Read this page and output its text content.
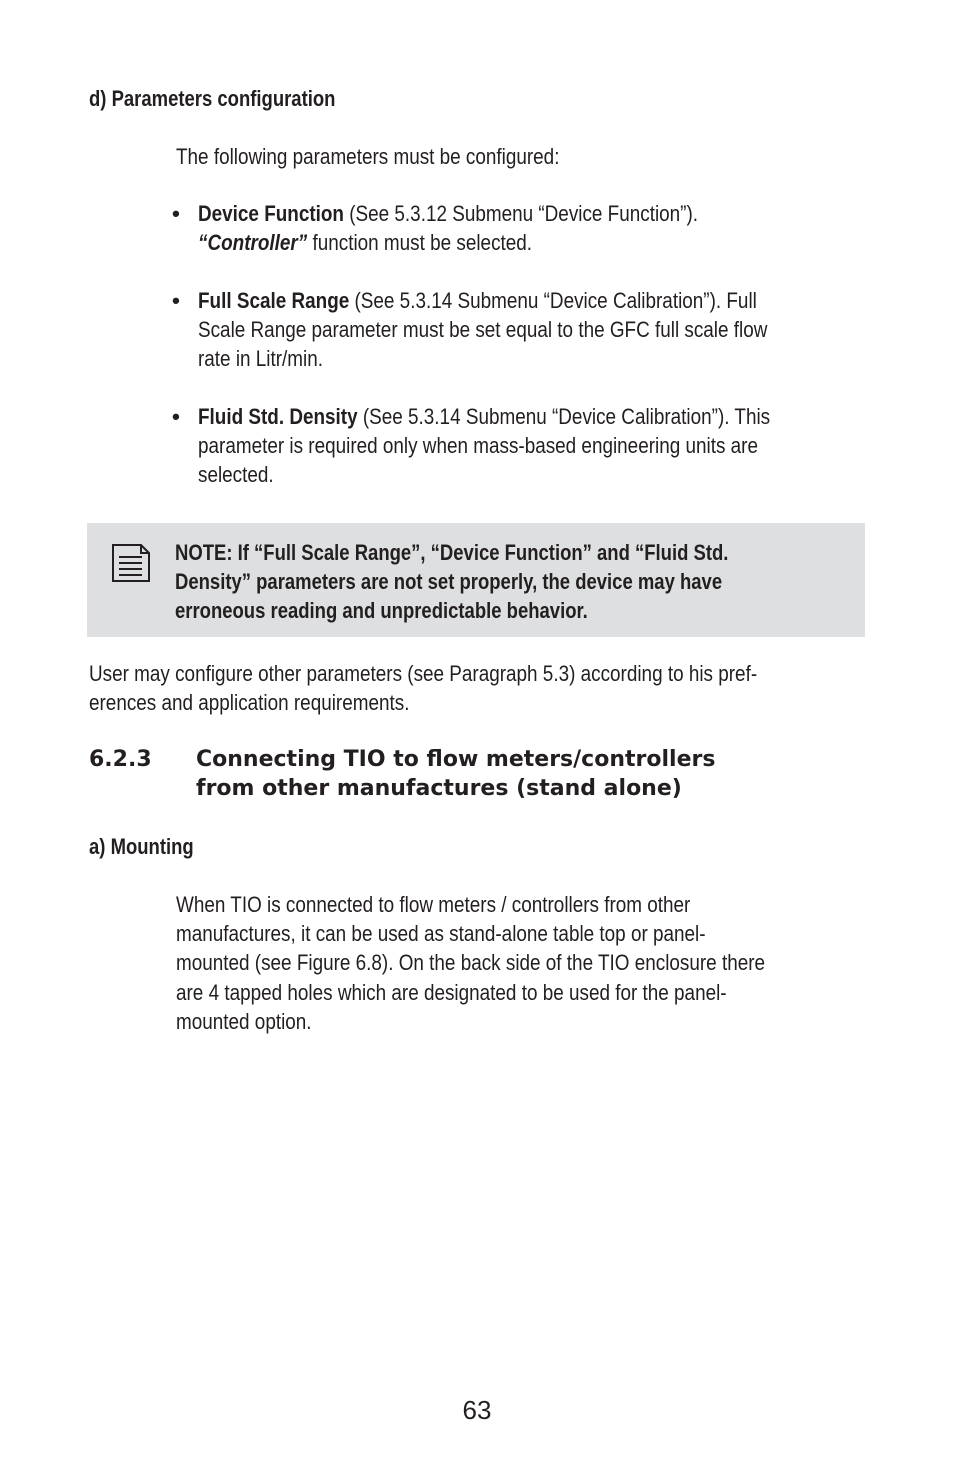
d) Parameters configuration
The following parameters must be configured:
• Device Function (See 5.3.12 Submenu “Device Function”).
“Controller” function must be selected.
• Full Scale Range (See 5.3.14 Submenu “Device Calibration”). Full
Scale Range parameter must be set equal to the GFC full scale flow
rate in Litr/min.
• Fluid Std. Density (See 5.3.14 Submenu “Device Calibration”). This
parameter is required only when mass-based engineering units are
selected.
NOTE: If “Full Scale Range”, “Device Function” and “Fluid Std.
Density” parameters are not set properly, the device may have
erroneous reading and unpredictable behavior.
User may configure other parameters (see Paragraph 5.3) according to his pref-
erences and application requirements.
6.2.3 Connecting TIO to flow meters/controllers
from other manufactures (stand alone)
a) Mounting
When TIO is connected to flow meters / controllers from other
manufactures, it can be used as stand-alone table top or panel-
mounted (see Figure 6.8). On the back side of the TIO enclosure there
are 4 tapped holes which are designated to be used for the panel-
mounted option.
63
